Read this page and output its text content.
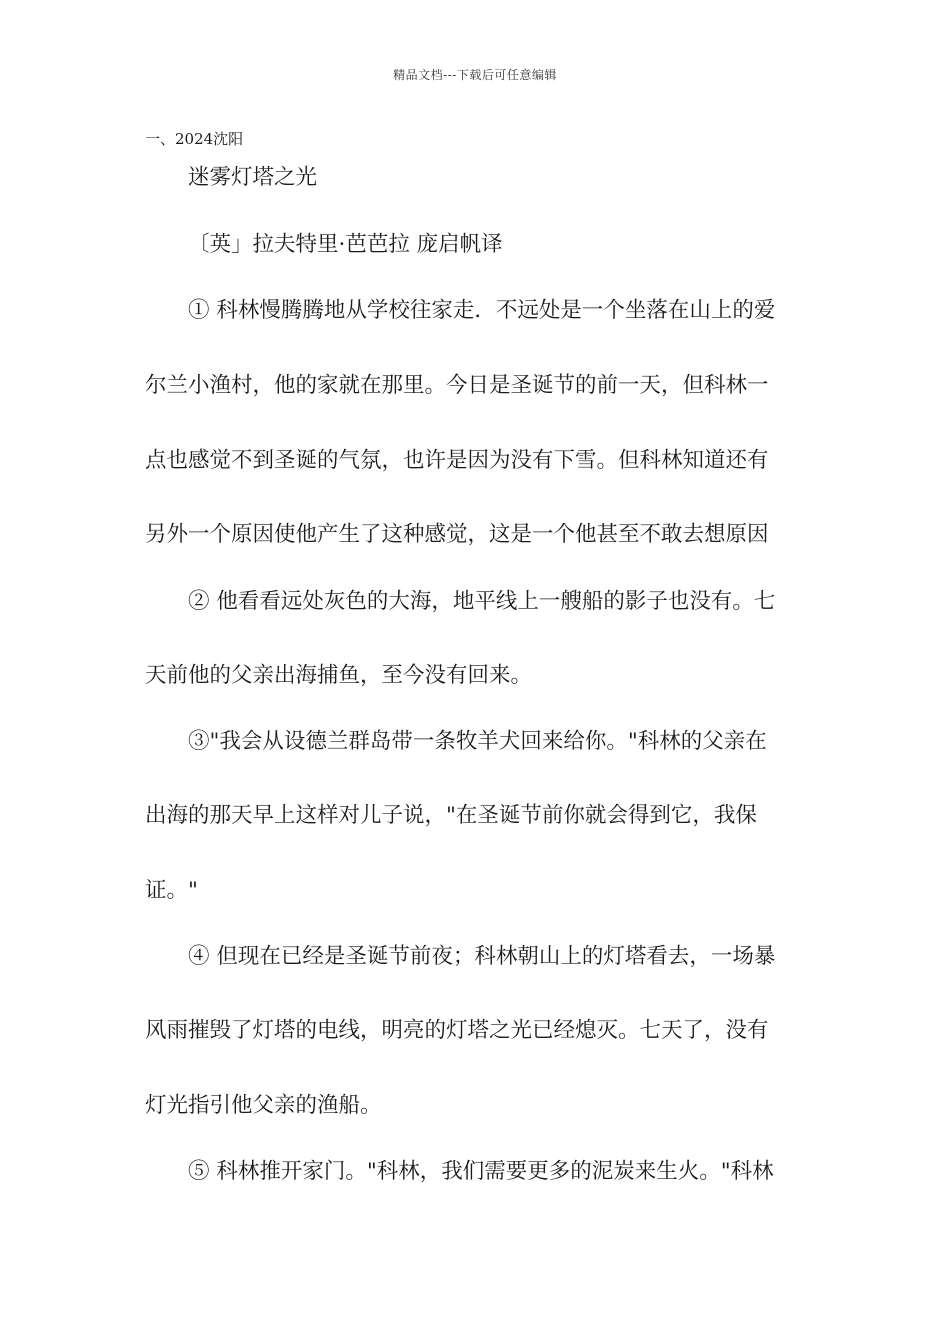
精品文档---下载后可任意编辑
一、2024沈阳
迷雾灯塔之光
〔英」拉夫特里·芭芭拉 庞启帆译
① 科林慢腾腾地从学校往家走．不远处是一个坐落在山上的爱
尔兰小渔村，他的家就在那里。今日是圣诞节的前一天，但科林一
点也感觉不到圣诞的气氛，也许是因为没有下雪。但科林知道还有
另外一个原因使他产生了这种感觉，这是一个他甚至不敢去想原因
② 他看看远处灰色的大海，地平线上一艘船的影子也没有。七
天前他的父亲出海捕鱼，至今没有回来。
③"我会从设德兰群岛带一条牧羊犬回来给你。"科林的父亲在
出海的那天早上这样对儿子说，"在圣诞节前你就会得到它，我保
证。"
④ 但现在已经是圣诞节前夜；科林朝山上的灯塔看去，一场暴
风雨摧毁了灯塔的电线，明亮的灯塔之光已经熄灭。七天了，没有
灯光指引他父亲的渔船。
⑤ 科林推开家门。"科林，我们需要更多的泥炭来生火。"科林
